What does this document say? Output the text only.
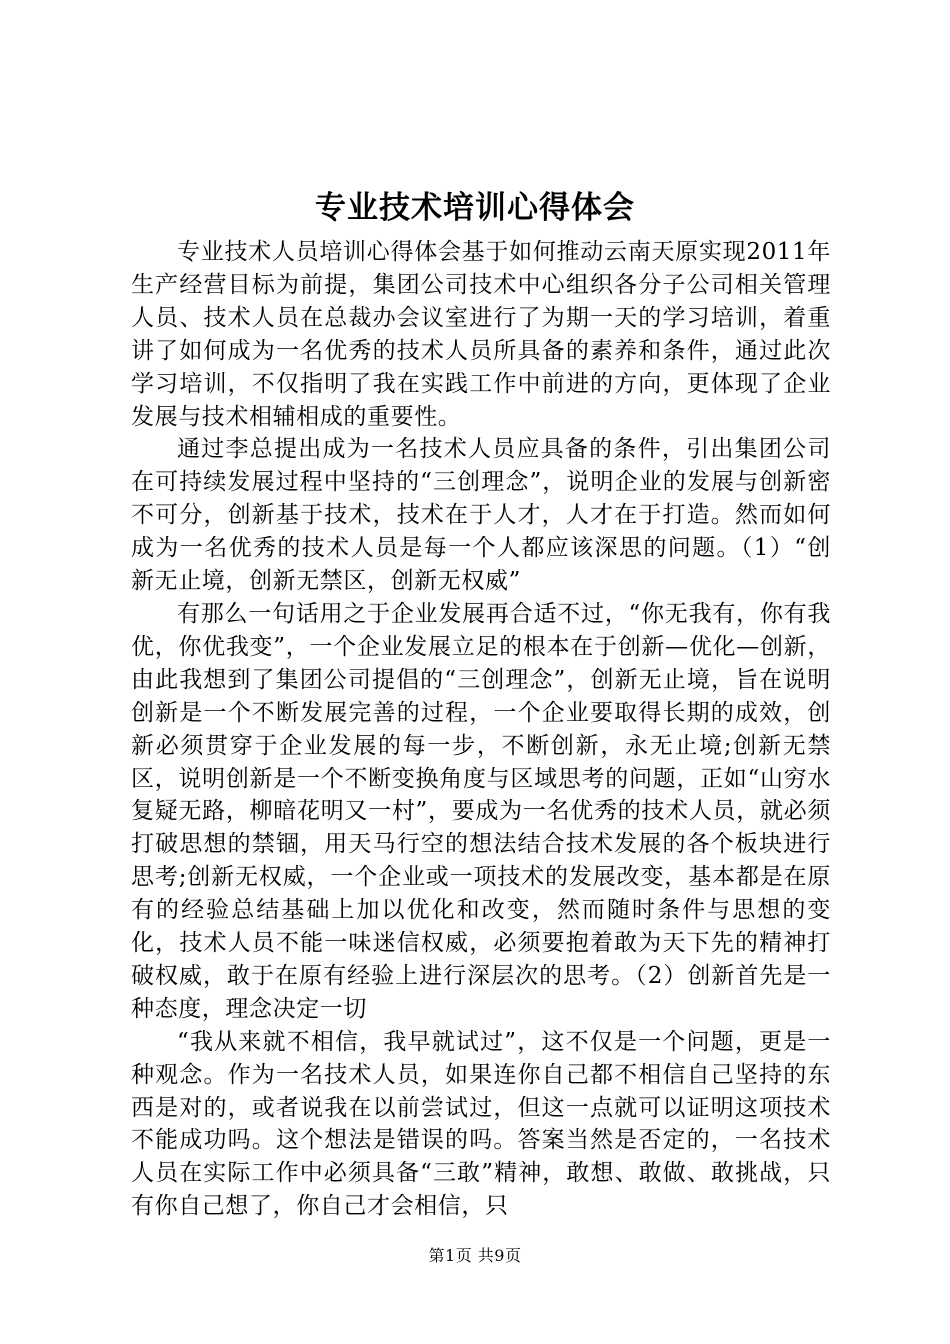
专业技术培训心得体会

专业技术人员培训心得体会基于如何推动云南天原实现2011年生产经营目标为前提，集团公司技术中心组织各分子公司相关管理人员、技术人员在总裁办会议室进行了为期一天的学习培训，着重讲了如何成为一名优秀的技术人员所具备的素养和条件，通过此次学习培训，不仅指明了我在实践工作中前进的方向，更体现了企业发展与技术相辅相成的重要性。

通过李总提出成为一名技术人员应具备的条件，引出集团公司在可持续发展过程中坚持的“三创理念”，说明企业的发展与创新密不可分，创新基于技术，技术在于人才，人才在于打造。然而如何成为一名优秀的技术人员是每一个人都应该深思的问题。（1）“创新无止境，创新无禁区，创新无权威”

有那么一句话用之于企业发展再合适不过，“你无我有，你有我优，你优我变”，一个企业发展立足的根本在于创新—优化—创新，由此我想到了集团公司提倡的“三创理念”，创新无止境，旨在说明创新是一个不断发展完善的过程，一个企业要取得长期的成效，创新必须贯穿于企业发展的每一步，不断创新，永无止境;创新无禁区，说明创新是一个不断变换角度与区域思考的问题，正如“山穷水复疑无路，柳暗花明又一村”，要成为一名优秀的技术人员，就必须打破思想的禁锢，用天马行空的想法结合技术发展的各个板块进行思考;创新无权威，一个企业或一项技术的发展改变，基本都是在原有的经验总结基础上加以优化和改变，然而随时条件与思想的变化，技术人员不能一味迷信权威，必须要抱着敢为天下先的精神打破权威，敢于在原有经验上进行深层次的思考。（2）创新首先是一种态度，理念决定一切

“我从来就不相信，我早就试过”，这不仅是一个问题，更是一种观念。作为一名技术人员，如果连你自己都不相信自己坚持的东西是对的，或者说我在以前尝试过，但这一点就可以证明这项技术不能成功吗。这个想法是错误的吗。答案当然是否定的，一名技术人员在实际工作中必须具备“三敢”精神，敢想、敢做、敢挑战，只有你自己想了，你自己才会相信，只

第1页 共9页
